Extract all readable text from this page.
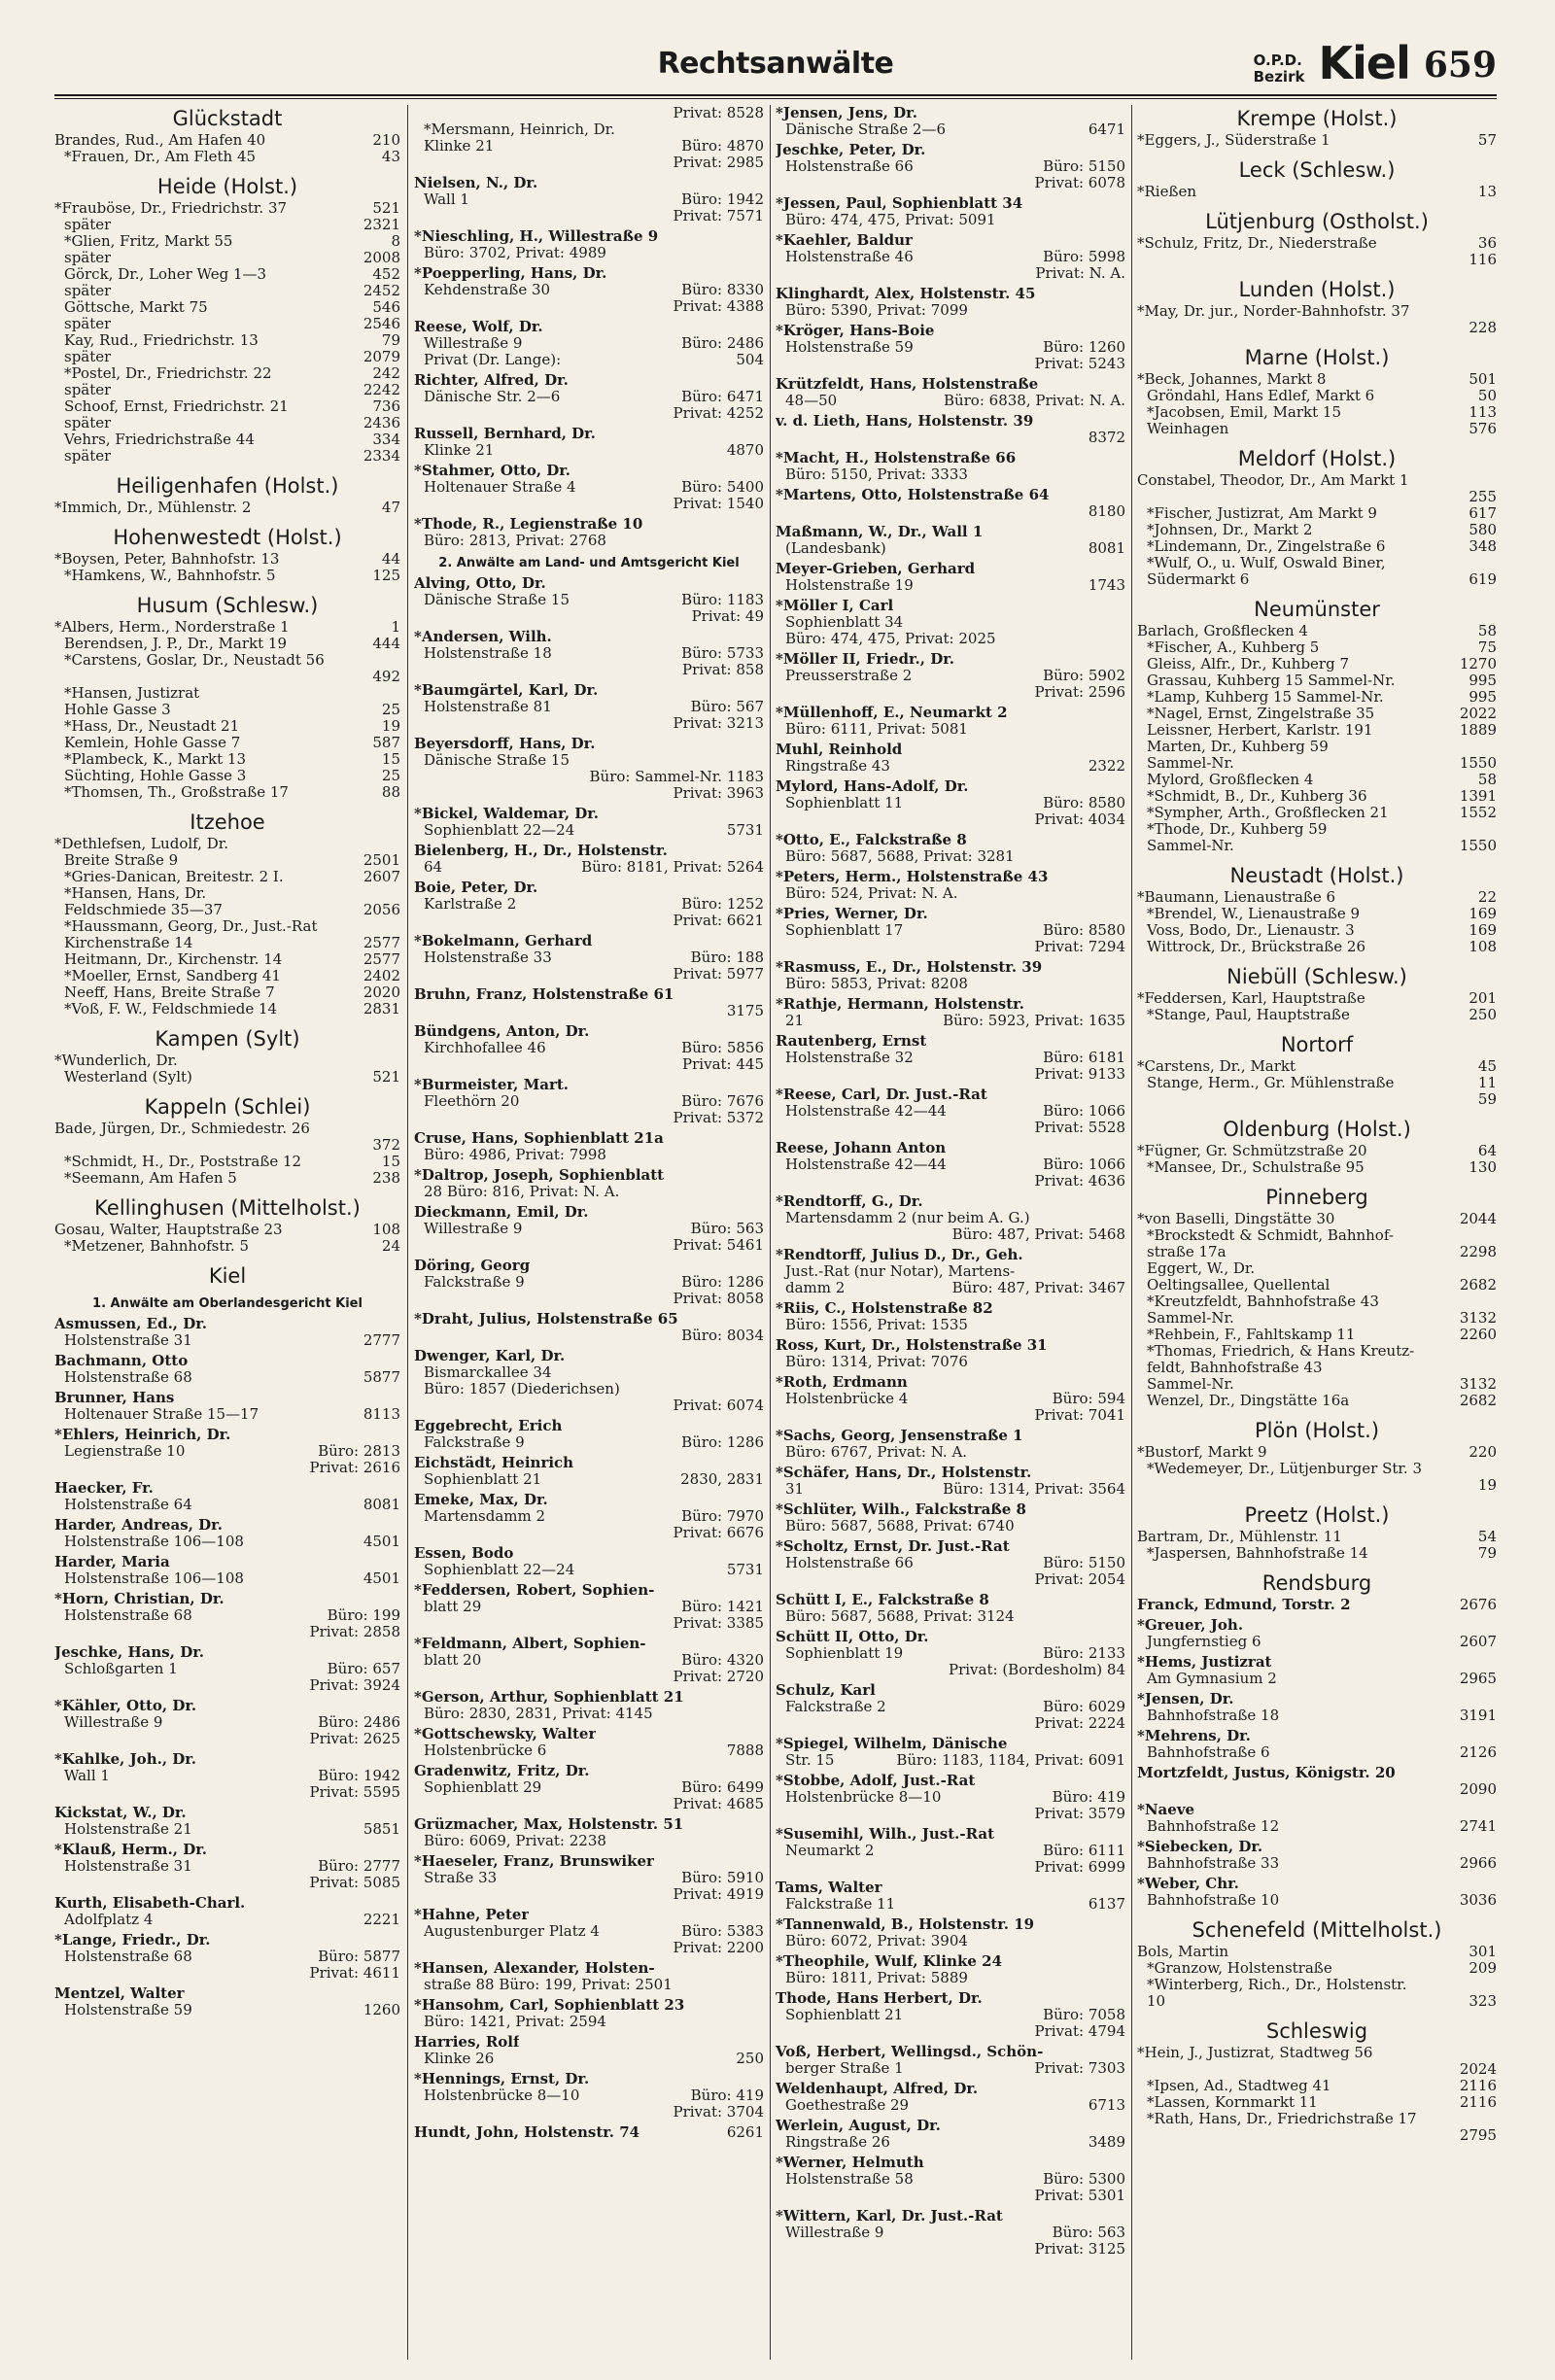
Rechtsanwälte	O.P.D.
Bezirk Kiel 659
Glückstadt
Brandes, Rud., Am Hafen 40	210
*Frauen, Dr., Am Fleth 45	43
Heide (Holst.)
*Frauböse, Dr., Friedrichstr. 37	521
später	2321
*Glien, Fritz, Markt 55	8
später	2008
Görck, Dr., Loher Weg 1—3	452
später	2452
Göttsche, Markt 75	546
später	2546
Kay, Rud., Friedrichstr. 13	79
später	2079
*Postel, Dr., Friedrichstr. 22	242
später	2242
Schoof, Ernst, Friedrichstr. 21	736
später	2436
Vehrs, Friedrichstraße 44	334
später	2334
Heiligenhafen (Holst.)
*Immich, Dr., Mühlenstr. 2	47
Hohenwestedt (Holst.)
*Boysen, Peter, Bahnhofstr. 13	44
*Hamkens, W., Bahnhofstr. 5	125
Husum (Schlesw.)
*Albers, Herm., Norderstraße 1	1
Berendsen, J. P., Dr., Markt 19	444
*Carstens, Goslar, Dr., Neustadt 56
492
*Hansen, Justizrat
Hohle Gasse 3	25
*Hass, Dr., Neustadt 21	19
Kemlein, Hohle Gasse 7	587
*Plambeck, K., Markt 13	15
Süchting, Hohle Gasse 3	25
*Thomsen, Th., Großstraße 17	88
Itzehoe
*Dethlefsen, Ludolf, Dr.
Breite Straße 9	2501
*Gries-Danican, Breitestr. 2 I.	2607
*Hansen, Hans, Dr.
Feldschmiede 35—37	2056
*Haussmann, Georg, Dr., Just.-Rat
Kirchenstraße 14	2577
Heitmann, Dr., Kirchenstr. 14	2577
*Moeller, Ernst, Sandberg 41	2402
Neeff, Hans, Breite Straße 7	2020
*Voß, F. W., Feldschmiede 14	2831
Kampen (Sylt)
*Wunderlich, Dr.
Westerland (Sylt)	521
Kappeln (Schlei)
Bade, Jürgen, Dr., Schmiedestr. 26
372
*Schmidt, H., Dr., Poststraße 12	15
*Seemann, Am Hafen 5	238
Kellinghusen (Mittelholst.)
Gosau, Walter, Hauptstraße 23	108
*Metzener, Bahnhofstr. 5	24
Kiel
1. Anwälte am Oberlandesgericht Kiel
Asmussen, Ed., Dr.
Holstenstraße 31	2777
Bachmann, Otto
Holstenstraße 68	5877
Brunner, Hans
Holtenauer Straße 15—17	8113
*Ehlers, Heinrich, Dr.
Legienstraße 10	Büro: 2813
Privat: 2616
Haecker, Fr.
Holstenstraße 64	8081
Harder, Andreas, Dr.
Holstenstraße 106—108	4501
Harder, Maria
Holstenstraße 106—108	4501
*Horn, Christian, Dr.
Holstenstraße 68	Büro: 199
Privat: 2858
Jeschke, Hans, Dr.
Schloßgarten 1	Büro: 657
Privat: 3924
*Kähler, Otto, Dr.
Willestraße 9	Büro: 2486
Privat: 2625
*Kahlke, Joh., Dr.
Wall 1	Büro: 1942
Privat: 5595
Kickstat, W., Dr.
Holstenstraße 21	5851
*Klauß, Herm., Dr.
Holstenstraße 31	Büro: 2777
Privat: 5085
Kurth, Elisabeth-Charl.
Adolfplatz 4	2221
*Lange, Friedr., Dr.
Holstenstraße 68	Büro: 5877
Privat: 4611
Mentzel, Walter
Holstenstraße 59	1260
Privat: 8528
*Mersmann, Heinrich, Dr.
Klinke 21	Büro: 4870
Privat: 2985
Nielsen, N., Dr.
Wall 1	Büro: 1942
Privat: 7571
*Nieschling, H., Willestraße 9
Büro: 3702, Privat: 4989
*Poepperling, Hans, Dr.
Kehdenstraße 30	Büro: 8330
Privat: 4388
Reese, Wolf, Dr.
Willestraße 9	Büro: 2486
Privat (Dr. Lange):	504
Richter, Alfred, Dr.
Dänische Str. 2—6	Büro: 6471
Privat: 4252
Russell, Bernhard, Dr.
Klinke 21	4870
*Stahmer, Otto, Dr.
Holtenauer Straße 4	Büro: 5400
Privat: 1540
*Thode, R., Legienstraße 10
Büro: 2813, Privat: 2768
2. Anwälte am Land- und Amtsgericht Kiel
Alving, Otto, Dr.
Dänische Straße 15	Büro: 1183
Privat: 49
*Andersen, Wilh.
Holstenstraße 18	Büro: 5733
Privat: 858
*Baumgärtel, Karl, Dr.
Holstenstraße 81	Büro: 567
Privat: 3213
Beyersdorff, Hans, Dr.
Dänische Straße 15
Büro: Sammel-Nr. 1183
Privat: 3963
*Bickel, Waldemar, Dr.
Sophienblatt 22—24	5731
Bielenberg, H., Dr., Holstenstr.
64	Büro: 8181, Privat: 5264
Boie, Peter, Dr.
Karlstraße 2	Büro: 1252
Privat: 6621
*Bokelmann, Gerhard
Holstenstraße 33	Büro: 188
Privat: 5977
Bruhn, Franz, Holstenstraße 61
3175
Bündgens, Anton, Dr.
Kirchhofallee 46	Büro: 5856
Privat: 445
*Burmeister, Mart.
Fleethörn 20	Büro: 7676
Privat: 5372
Cruse, Hans, Sophienblatt 21a
Büro: 4986, Privat: 7998
*Daltrop, Joseph, Sophienblatt
28 Büro: 816, Privat: N. A.
Dieckmann, Emil, Dr.
Willestraße 9	Büro: 563
Privat: 5461
Döring, Georg
Falckstraße 9	Büro: 1286
Privat: 8058
*Draht, Julius, Holstenstraße 65
Büro: 8034
Dwenger, Karl, Dr.
Bismarckallee 34
Büro: 1857 (Diederichsen)
Privat: 6074
Eggebrecht, Erich
Falckstraße 9	Büro: 1286
Eichstädt, Heinrich
Sophienblatt 21	2830, 2831
Emeke, Max, Dr.
Martensdamm 2	Büro: 7970
Privat: 6676
Essen, Bodo
Sophienblatt 22—24	5731
*Feddersen, Robert, Sophien-
blatt 29	Büro: 1421
Privat: 3385
*Feldmann, Albert, Sophien-
blatt 20	Büro: 4320
Privat: 2720
*Gerson, Arthur, Sophienblatt 21
Büro: 2830, 2831, Privat: 4145
*Gottschewsky, Walter
Holstenbrücke 6	7888
Gradenwitz, Fritz, Dr.
Sophienblatt 29	Büro: 6499
Privat: 4685
Grüzmacher, Max, Holstenstr. 51
Büro: 6069, Privat: 2238
*Haeseler, Franz, Brunswiker
Straße 33	Büro: 5910
Privat: 4919
*Hahne, Peter
Augustenburger Platz 4	Büro: 5383
Privat: 2200
*Hansen, Alexander, Holsten-
straße 88 Büro: 199, Privat: 2501
*Hansohm, Carl, Sophienblatt 23
Büro: 1421, Privat: 2594
Harries, Rolf
Klinke 26	250
*Hennings, Ernst, Dr.
Holstenbrücke 8—10	Büro: 419
Privat: 3704
Hundt, John, Holstenstr. 74	6261
*Jensen, Jens, Dr.
Dänische Straße 2—6	6471
Jeschke, Peter, Dr.
Holstenstraße 66	Büro: 5150
Privat: 6078
*Jessen, Paul, Sophienblatt 34
Büro: 474, 475, Privat: 5091
*Kaehler, Baldur
Holstenstraße 46	Büro: 5998
Privat: N. A.
Klinghardt, Alex, Holstenstr. 45
Büro: 5390, Privat: 7099
*Kröger, Hans-Boie
Holstenstraße 59	Büro: 1260
Privat: 5243
Krützfeldt, Hans, Holstenstraße
48—50	Büro: 6838, Privat: N. A.
v. d. Lieth, Hans, Holstenstr. 39
8372
*Macht, H., Holstenstraße 66
Büro: 5150, Privat: 3333
*Martens, Otto, Holstenstraße 64
8180
Maßmann, W., Dr., Wall 1
(Landesbank)	8081
Meyer-Grieben, Gerhard
Holstenstraße 19	1743
*Möller I, Carl
Sophienblatt 34
Büro: 474, 475, Privat: 2025
*Möller II, Friedr., Dr.
Preusserstraße 2	Büro: 5902
Privat: 2596
*Müllenhoff, E., Neumarkt 2
Büro: 6111, Privat: 5081
Muhl, Reinhold
Ringstraße 43	2322
Mylord, Hans-Adolf, Dr.
Sophienblatt 11	Büro: 8580
Privat: 4034
*Otto, E., Falckstraße 8
Büro: 5687, 5688, Privat: 3281
*Peters, Herm., Holstenstraße 43
Büro: 524, Privat: N. A.
*Pries, Werner, Dr.
Sophienblatt 17	Büro: 8580
Privat: 7294
*Rasmuss, E., Dr., Holstenstr. 39
Büro: 5853, Privat: 8208
*Rathje, Hermann, Holstenstr.
21	Büro: 5923, Privat: 1635
Rautenberg, Ernst
Holstenstraße 32	Büro: 6181
Privat: 9133
*Reese, Carl, Dr. Just.-Rat
Holstenstraße 42—44	Büro: 1066
Privat: 5528
Reese, Johann Anton
Holstenstraße 42—44	Büro: 1066
Privat: 4636
*Rendtorff, G., Dr.
Martensdamm 2 (nur beim A. G.)
Büro: 487, Privat: 5468
*Rendtorff, Julius D., Dr., Geh.
Just.-Rat (nur Notar), Martens-
damm 2	Büro: 487, Privat: 3467
*Riis, C., Holstenstraße 82
Büro: 1556, Privat: 1535
Ross, Kurt, Dr., Holstenstraße 31
Büro: 1314, Privat: 7076
*Roth, Erdmann
Holstenbrücke 4	Büro: 594
Privat: 7041
*Sachs, Georg, Jensenstraße 1
Büro: 6767, Privat: N. A.
*Schäfer, Hans, Dr., Holstenstr.
31	Büro: 1314, Privat: 3564
*Schlüter, Wilh., Falckstraße 8
Büro: 5687, 5688, Privat: 6740
*Scholtz, Ernst, Dr. Just.-Rat
Holstenstraße 66	Büro: 5150
Privat: 2054
Schütt I, E., Falckstraße 8
Büro: 5687, 5688, Privat: 3124
Schütt II, Otto, Dr.
Sophienblatt 19	Büro: 2133
Privat: (Bordesholm) 84
Schulz, Karl
Falckstraße 2	Büro: 6029
Privat: 2224
*Spiegel, Wilhelm, Dänische
Str. 15	Büro: 1183, 1184, Privat: 6091
*Stobbe, Adolf, Just.-Rat
Holstenbrücke 8—10	Büro: 419
Privat: 3579
*Susemihl, Wilh., Just.-Rat
Neumarkt 2	Büro: 6111
Privat: 6999
Tams, Walter
Falckstraße 11	6137
*Tannenwald, B., Holstenstr. 19
Büro: 6072, Privat: 3904
*Theophile, Wulf, Klinke 24
Büro: 1811, Privat: 5889
Thode, Hans Herbert, Dr.
Sophienblatt 21	Büro: 7058
Privat: 4794
Voß, Herbert, Wellingsd., Schön-
berger Straße 1	Privat: 7303
Weldenhaupt, Alfred, Dr.
Goethestraße 29	6713
Werlein, August, Dr.
Ringstraße 26	3489
*Werner, Helmuth
Holstenstraße 58	Büro: 5300
Privat: 5301
*Wittern, Karl, Dr. Just.-Rat
Willestraße 9	Büro: 563
Privat: 3125
Krempe (Holst.)
*Eggers, J., Süderstraße 1	57
Leck (Schlesw.)
*Rießen	13
Lütjenburg (Ostholst.)
*Schulz, Fritz, Dr., Niederstraße	36
116
Lunden (Holst.)
*May, Dr. jur., Norder-Bahnhofstr. 37
228
Marne (Holst.)
*Beck, Johannes, Markt 8	501
Gröndahl, Hans Edlef, Markt 6	50
*Jacobsen, Emil, Markt 15	113
Weinhagen	576
Meldorf (Holst.)
Constabel, Theodor, Dr., Am Markt 1
255
*Fischer, Justizrat, Am Markt 9	617
*Johnsen, Dr., Markt 2	580
*Lindemann, Dr., Zingelstraße 6	348
*Wulf, O., u. Wulf, Oswald Biner,
Südermarkt 6	619
Neumünster
Barlach, Großflecken 4	58
*Fischer, A., Kuhberg 5	75
Gleiss, Alfr., Dr., Kuhberg 7	1270
Grassau, Kuhberg 15 Sammel-Nr.	995
*Lamp, Kuhberg 15 Sammel-Nr.	995
*Nagel, Ernst, Zingelstraße 35	2022
Leissner, Herbert, Karlstr. 191	1889
Marten, Dr., Kuhberg 59
Sammel-Nr.	1550
Mylord, Großflecken 4	58
*Schmidt, B., Dr., Kuhberg 36	1391
*Sympher, Arth., Großflecken 21	1552
*Thode, Dr., Kuhberg 59
Sammel-Nr.	1550
Neustadt (Holst.)
*Baumann, Lienaustraße 6	22
*Brendel, W., Lienaustraße 9	169
Voss, Bodo, Dr., Lienaustr. 3	169
Wittrock, Dr., Brückstraße 26	108
Niebüll (Schlesw.)
*Feddersen, Karl, Hauptstraße	201
*Stange, Paul, Hauptstraße	250
Nortorf
*Carstens, Dr., Markt	45
Stange, Herm., Gr. Mühlenstraße	11
59
Oldenburg (Holst.)
*Fügner, Gr. Schmützstraße 20	64
*Mansee, Dr., Schulstraße 95	130
Pinneberg
*von Baselli, Dingstätte 30	2044
*Brockstedt & Schmidt, Bahnhof-
straße 17a	2298
Eggert, W., Dr.
Oeltingsallee, Quellental	2682
*Kreutzfeldt, Bahnhofstraße 43
Sammel-Nr.	3132
*Rehbein, F., Fahltskamp 11	2260
*Thomas, Friedrich, & Hans Kreutz-
feldt, Bahnhofstraße 43
Sammel-Nr.	3132
Wenzel, Dr., Dingstätte 16a	2682
Plön (Holst.)
*Bustorf, Markt 9	220
*Wedemeyer, Dr., Lütjenburger Str. 3
19
Preetz (Holst.)
Bartram, Dr., Mühlenstr. 11	54
*Jaspersen, Bahnhofstraße 14	79
Rendsburg
Franck, Edmund, Torstr. 2	2676
*Greuer, Joh.
Jungfernstieg 6	2607
*Hems, Justizrat
Am Gymnasium 2	2965
*Jensen, Dr.
Bahnhofstraße 18	3191
*Mehrens, Dr.
Bahnhofstraße 6	2126
Mortzfeldt, Justus, Königstr. 20
2090
*Naeve
Bahnhofstraße 12	2741
*Siebecken, Dr.
Bahnhofstraße 33	2966
*Weber, Chr.
Bahnhofstraße 10	3036
Schenefeld (Mittelholst.)
Bols, Martin	301
*Granzow, Holstenstraße	209
*Winterberg, Rich., Dr., Holstenstr.
10	323
Schleswig
*Hein, J., Justizrat, Stadtweg 56
2024
*Ipsen, Ad., Stadtweg 41	2116
*Lassen, Kornmarkt 11	2116
*Rath, Hans, Dr., Friedrichstraße 17
2795
